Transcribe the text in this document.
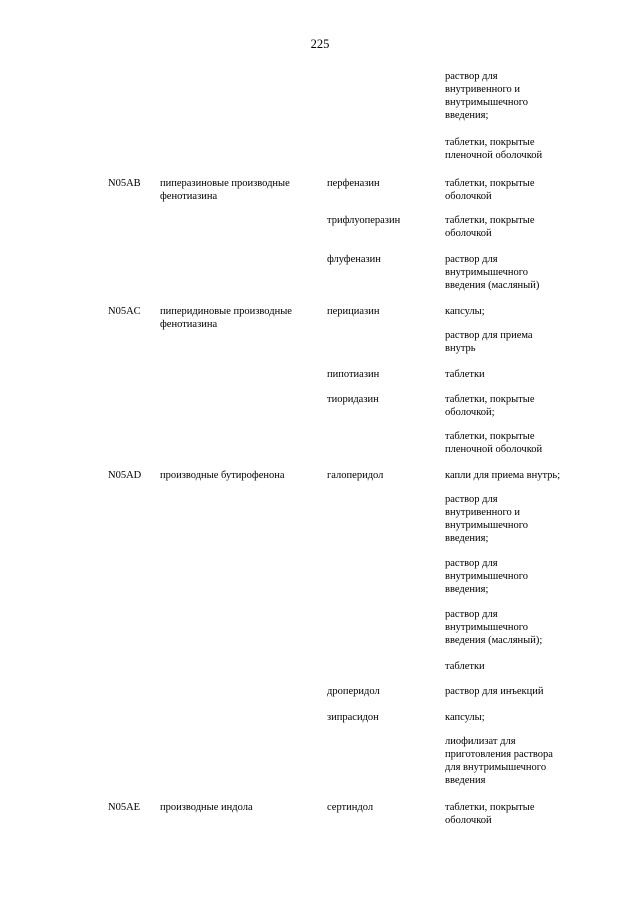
225
раствор для
внутривенного и
внутримышечного
введения;
таблетки, покрытые
пленочной оболочкой
N05AB пиперазиновые производные
фенотиазина
перфеназин	таблетки, покрытые
оболочкой
трифлуоперазин	таблетки, покрытые
оболочкой
флуфеназин	раствор для
внутримышечного
введения (масляный)
N05AC пиперидиновые производные
фенотиазина
перициазин	капсулы;
раствор для приема
внутрь
пипотиазин	таблетки
тиоридазин	таблетки, покрытые
оболочкой;
таблетки, покрытые
пленочной оболочкой
N05AD производные бутирофенона	галоперидол	капли для приема внутрь;
раствор для
внутривенного и
внутримышечного
введения;
раствор для
внутримышечного
введения;
раствор для
внутримышечного
введения (масляный);
таблетки
дроперидол	раствор для инъекций
зипрасидон	капсулы;
лиофилизат для
приготовления раствора
для внутримышечного
введения
N05AE производные индола	сертиндол	таблетки, покрытые
оболочкой
